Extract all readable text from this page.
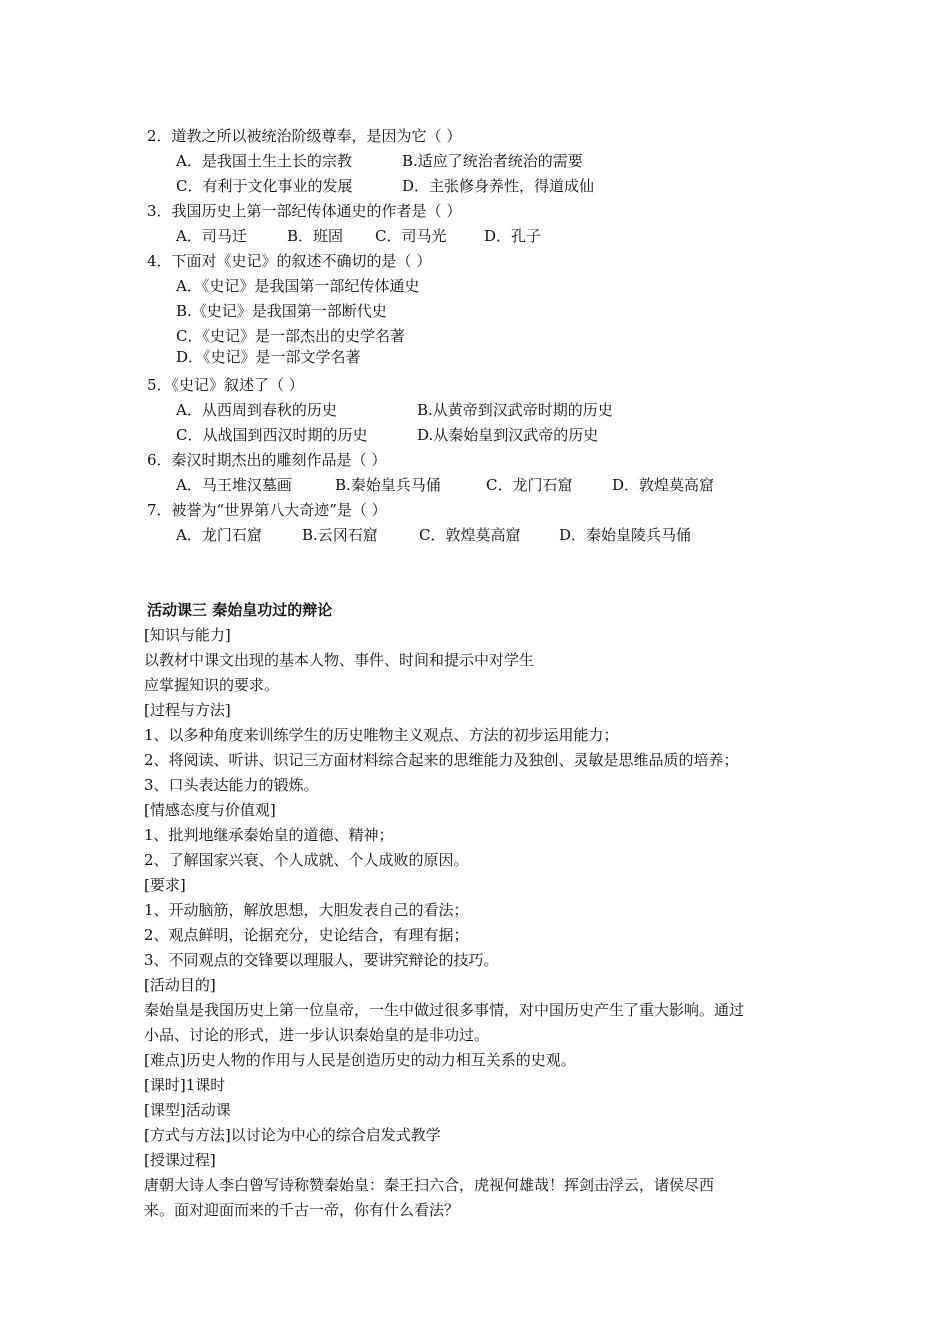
2．道教之所以被统治阶级尊奉，是因为它（ ）
A．是我国土生土长的宗教	B.适应了统治者统治的需要
C．有利于文化事业的发展	D．主张修身养性，得道成仙
3．我国历史上第一部纪传体通史的作者是（ ）
A．司马迁	B．班固 C．司马光	D．孔子
4．下面对《史记》的叙述不确切的是（ ）
A．《史记》是我国第一部纪传体通史
B.《史记》是我国第一部断代史
C．《史记》是一部杰出的史学名著
D．《史记》是一部文学名著
5．《史记》叙述了（ ）
A．从西周到春秋的历史	B.从黄帝到汉武帝时期的历史
C．从战国到西汉时期的历史	D.从秦始皇到汉武帝的历史
6．秦汉时期杰出的雕刻作品是（ ）
A．马王堆汉墓画	B.秦始皇兵马俑	C．龙门石窟	D．敦煌莫高窟
7．被誉为“世界第八大奇迹”是（ ）
A．龙门石窟	B.云冈石窟	C．敦煌莫高窟	D．秦始皇陵兵马俑
活动课三 秦始皇功过的辩论
[知识与能力]
以教材中课文出现的基本人物、事件、时间和提示中对学生
应掌握知识的要求。
[过程与方法]
1、以多种角度来训练学生的历史唯物主义观点、方法的初步运用能力；
2、将阅读、听讲、识记三方面材料综合起来的思维能力及独创、灵敏是思维品质的培养；
3、口头表达能力的锻炼。
[情感态度与价值观]
1、批判地继承秦始皇的道德、精神；
2、了解国家兴衰、个人成就、个人成败的原因。
[要求]
1、开动脑筋，解放思想，大胆发表自己的看法；
2、观点鲜明，论据充分，史论结合，有理有据；
3、不同观点的交锋要以理服人，要讲究辩论的技巧。
[活动目的]
秦始皇是我国历史上第一位皇帝，一生中做过很多事情，对中国历史产生了重大影响。通过
小品、讨论的形式，进一步认识秦始皇的是非功过。
[难点]历史人物的作用与人民是创造历史的动力相互关系的史观。
[课时]1课时
[课型]活动课
[方式与方法]以讨论为中心的综合启发式教学
[授课过程]
唐朝大诗人李白曾写诗称赞秦始皇：秦王扫六合，虎视何雄哉！挥剑击浮云，诸侯尽西
来。面对迎面而来的千古一帝，你有什么看法？
